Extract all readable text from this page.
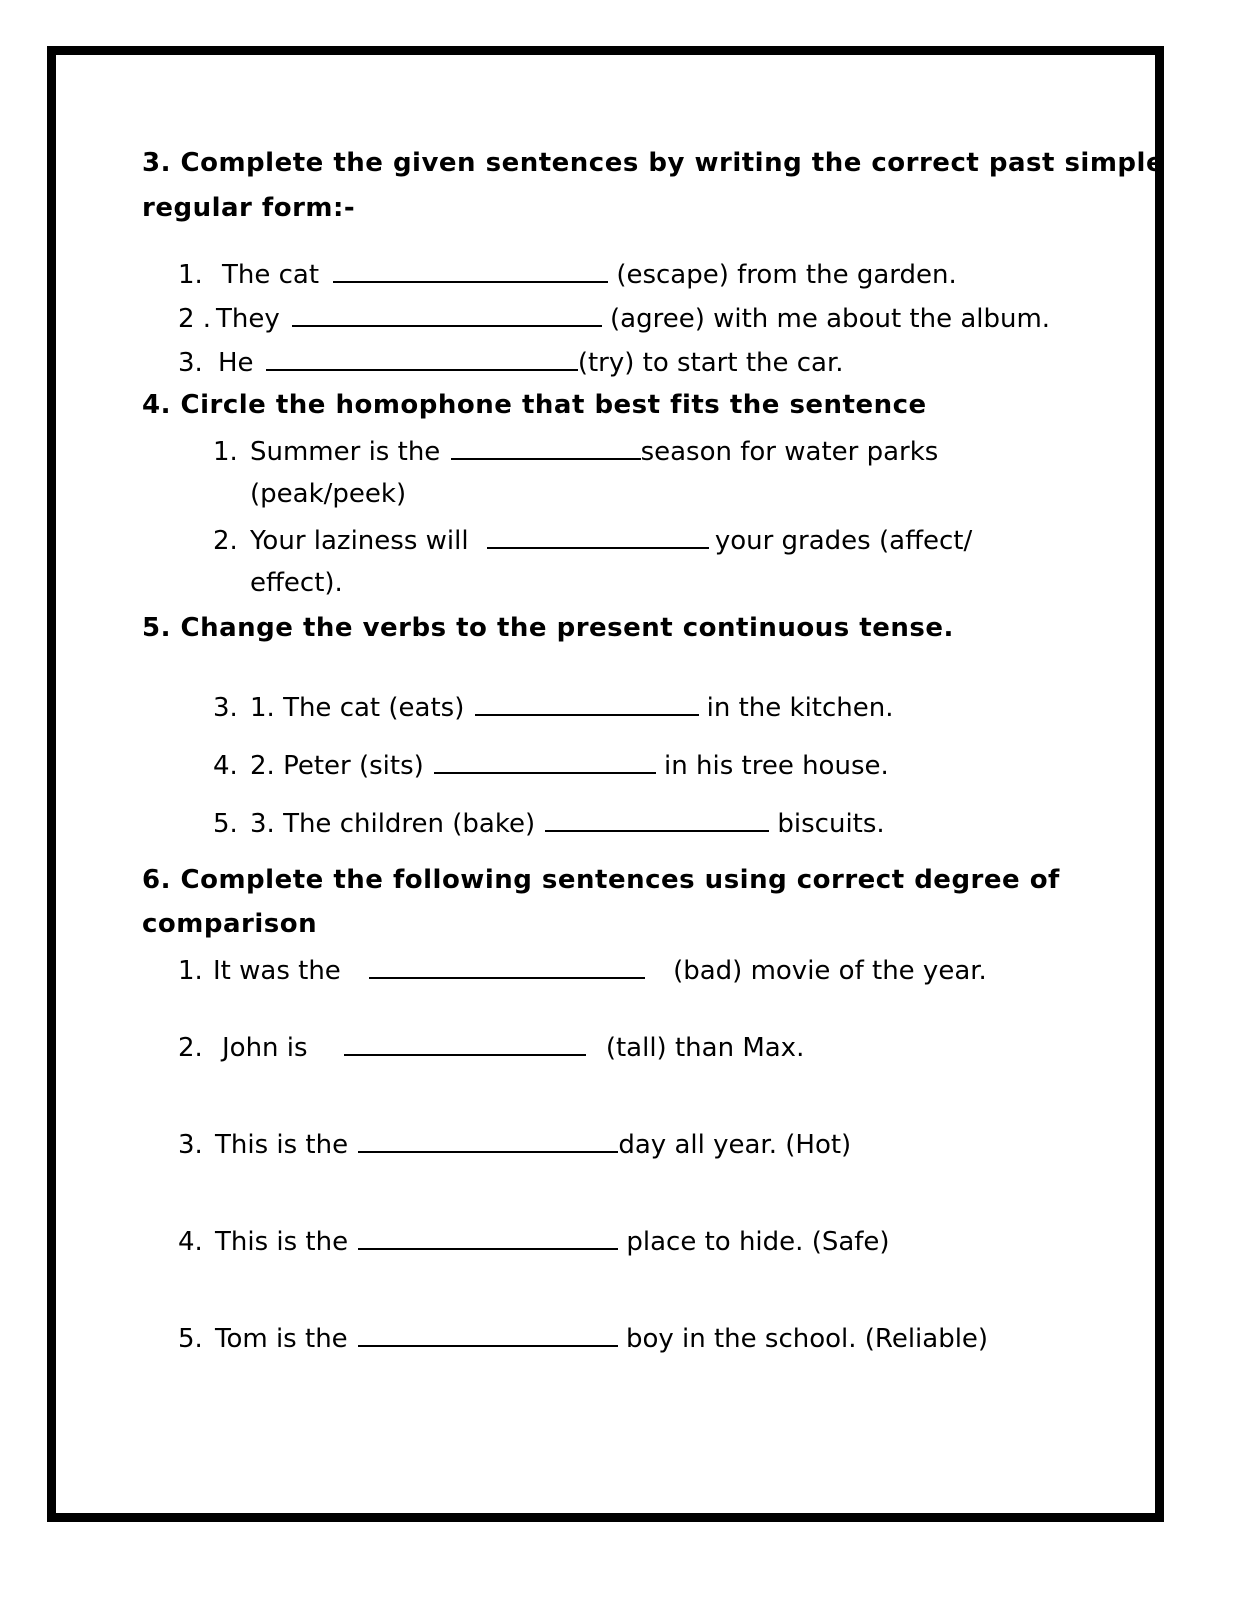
3. Complete the given sentences by writing the correct past simple
regular form:-
1. The cat	(escape) from the garden.
2 . They	(agree) with me about the album.
3. He	(try) to start the car.
4. Circle the homophone that best fits the sentence
1. Summer is the	season for water parks
(peak/peek)
2. Your laziness will	your grades (affect/
effect).
5. Change the verbs to the present continuous tense.
3. 1. The cat (eats)	in the kitchen.
4. 2. Peter (sits)	in his tree house.
5. 3. The children (bake)	biscuits.
6. Complete the following sentences using correct degree of
comparison
1. It was the	(bad) movie of the year.
2. John is	(tall) than Max.
3. This is the	day all year. (Hot)
4. This is the	place to hide. (Safe)
5. Tom is the	boy in the school. (Reliable)
